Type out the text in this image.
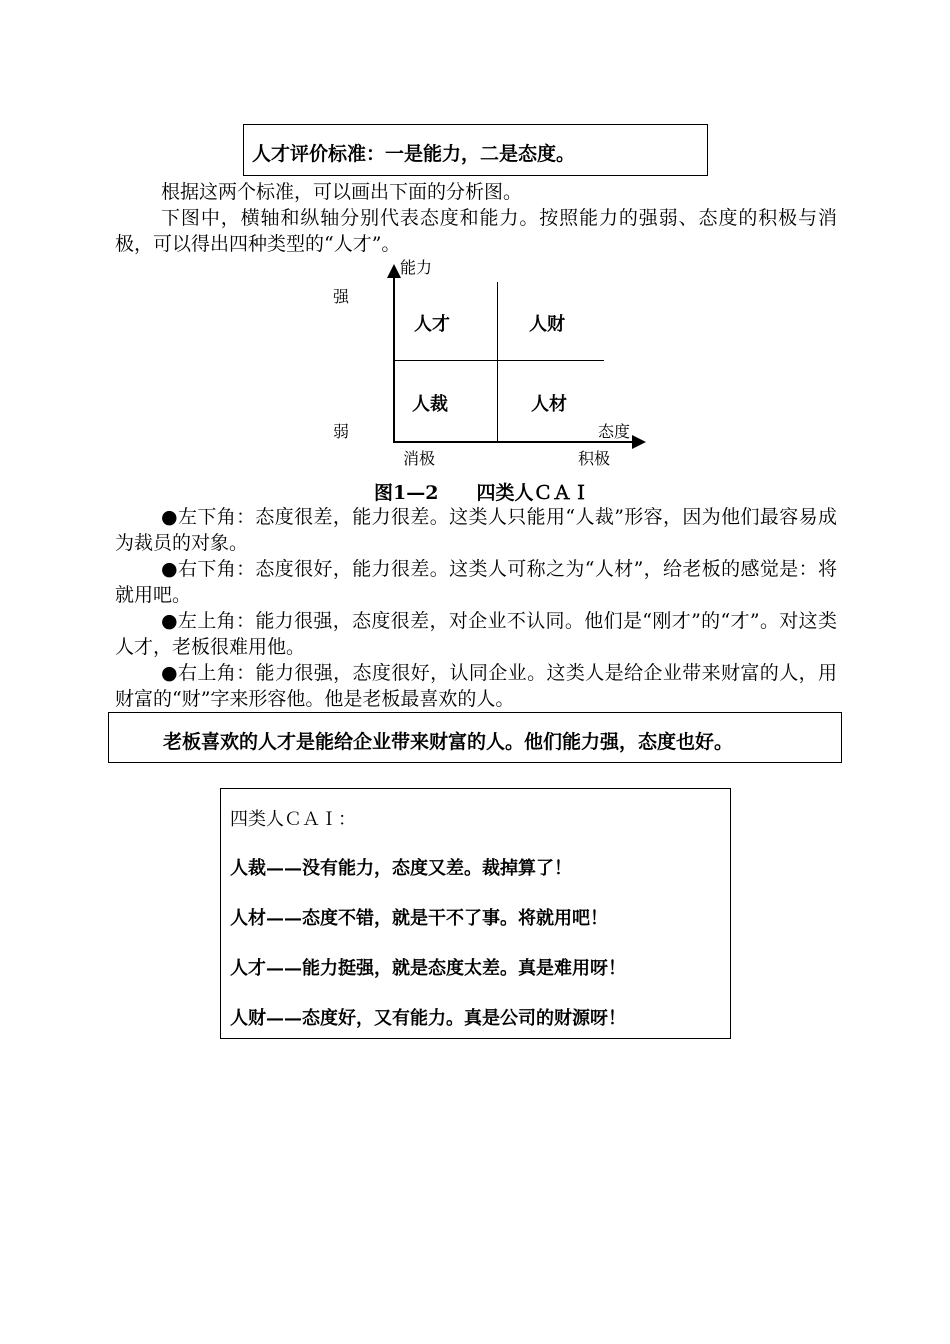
人才评价标准：一是能力，二是态度。
根据这两个标准，可以画出下面的分析图。
下图中，横轴和纵轴分别代表态度和能力。按照能力的强弱、态度的积极与消极，可以得出四种类型的“人才”。
能力
态度
强
弱
消极	积极
人才	人财
人裁	人材
图1—2　　四类人ＣＡＩ
●左下角：态度很差，能力很差。这类人只能用“人裁”形容，因为他们最容易成为裁员的对象。
●右下角：态度很好，能力很差。这类人可称之为“人材”，给老板的感觉是：将就用吧。
●左上角：能力很强，态度很差，对企业不认同。他们是“刚才”的“才”。对这类人才，老板很难用他。
●右上角：能力很强，态度很好，认同企业。这类人是给企业带来财富的人，用财富的“财”字来形容他。他是老板最喜欢的人。
老板喜欢的人才是能给企业带来财富的人。他们能力强，态度也好。
四类人ＣＡＩ：
人裁——没有能力，态度又差。裁掉算了！
人材——态度不错，就是干不了事。将就用吧！
人才——能力挺强，就是态度太差。真是难用呀！
人财——态度好，又有能力。真是公司的财源呀！
